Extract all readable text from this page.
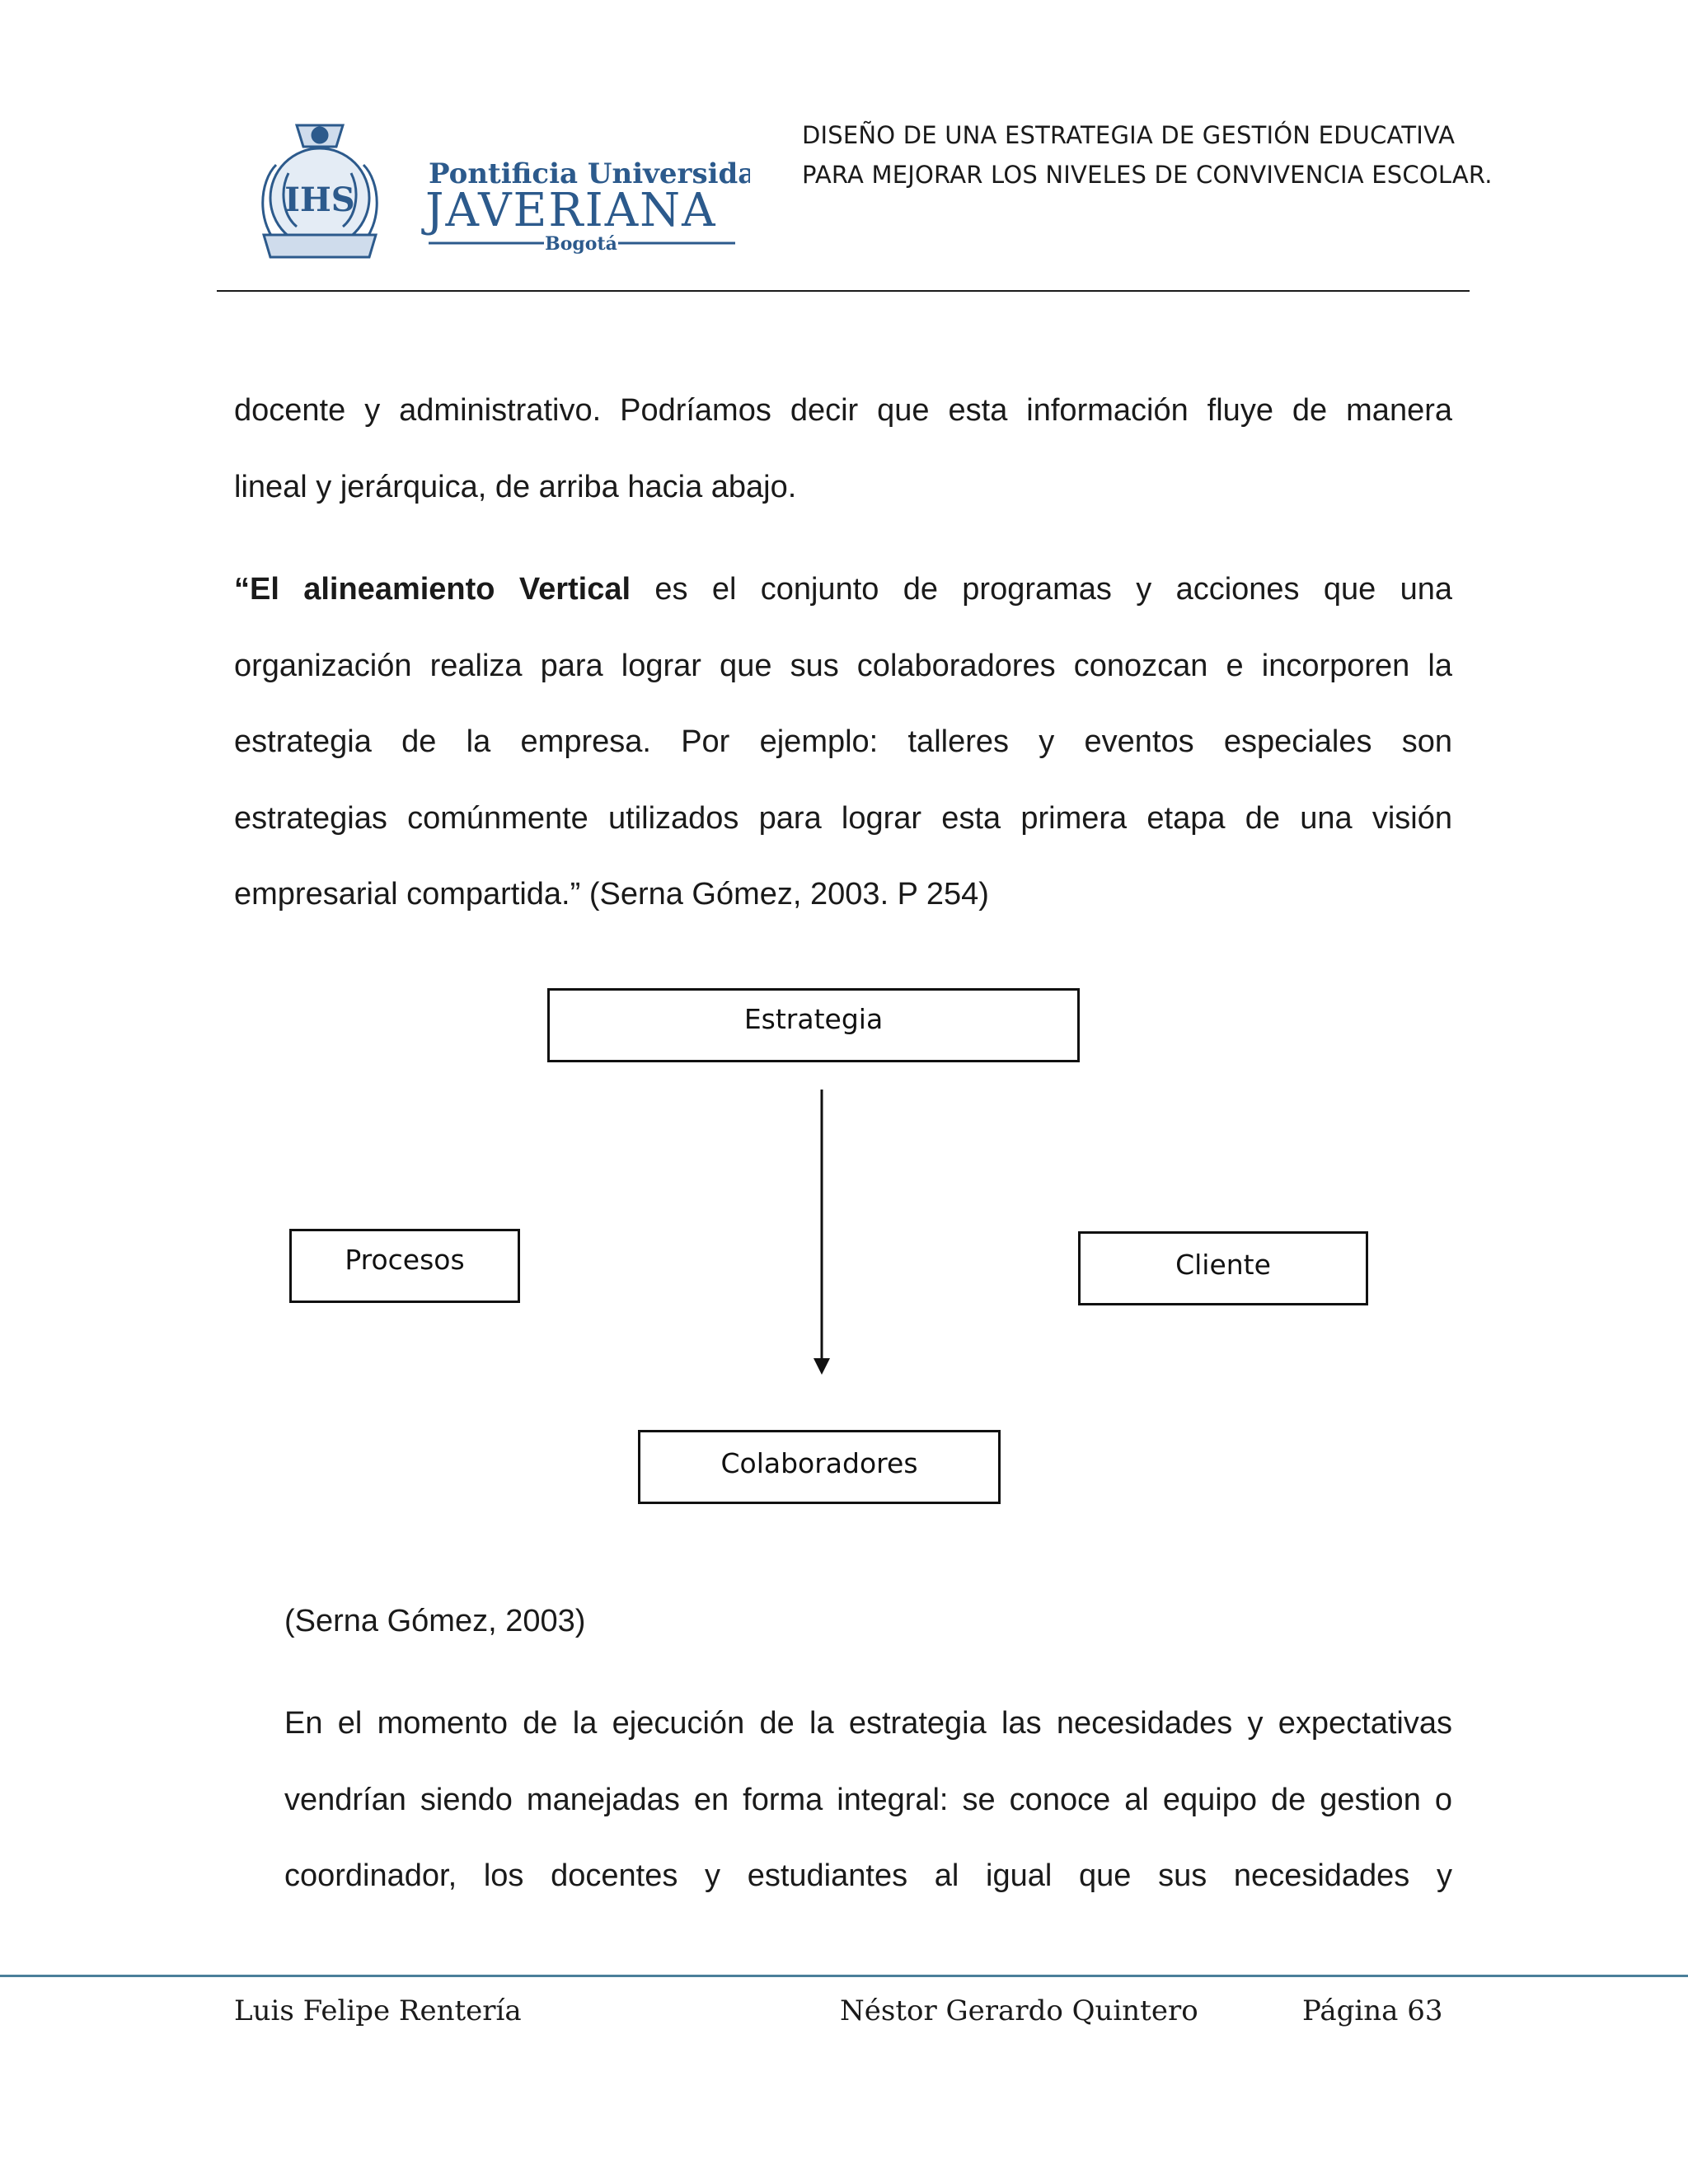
IHS
Pontificia Universidad
JAVERIANA
Bogotá
DISEÑO DE UNA ESTRATEGIA DE GESTIÓN EDUCATIVA
PARA MEJORAR LOS NIVELES DE CONVIVENCIA ESCOLAR.
docente y administrativo. Podríamos decir que esta información fluye de manera
lineal y jerárquica, de arriba hacia abajo.
“El alineamiento Vertical es el conjunto de programas y acciones que una
organización realiza para lograr que sus colaboradores conozcan e incorporen la
estrategia de la empresa. Por ejemplo: talleres y eventos especiales son
estrategias comúnmente utilizados para lograr esta primera etapa de una visión
empresarial compartida.” (Serna Gómez, 2003. P 254)
Estrategia
Procesos	Cliente
Colaboradores
(Serna Gómez, 2003)
En el momento de la ejecución de la estrategia las necesidades y expectativas
vendrían siendo manejadas en forma integral: se conoce al equipo de gestion o
coordinador, los docentes y estudiantes al igual que sus necesidades y
Luis Felipe Rentería	Néstor Gerardo Quintero	Página 63
